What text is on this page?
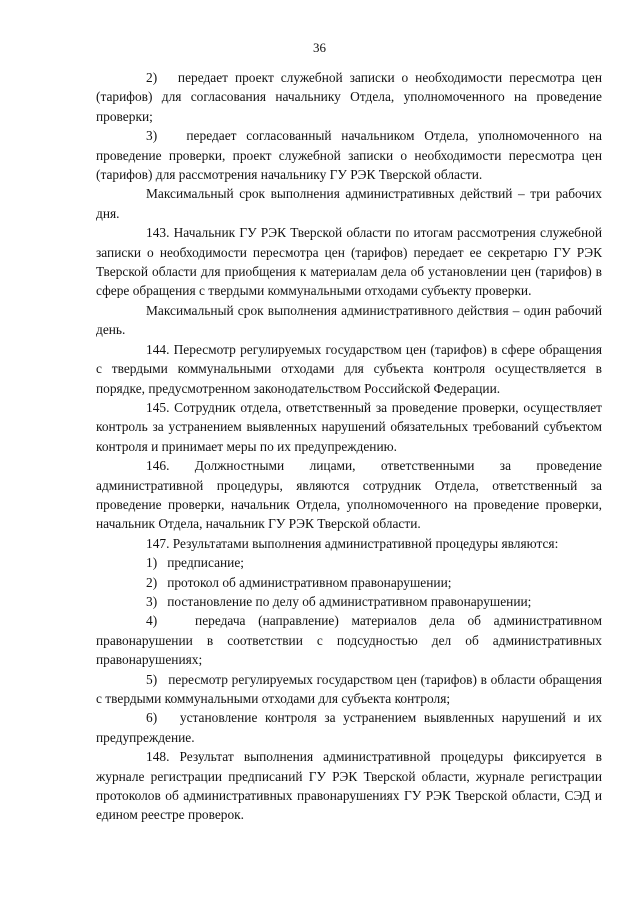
36

2)   передает проект служебной записки о необходимости пересмотра цен (тарифов) для согласования начальнику Отдела, уполномоченного на проведение проверки;

3)   передает согласованный начальником Отдела, уполномоченного на проведение проверки, проект служебной записки о необходимости пересмотра цен (тарифов) для рассмотрения начальнику ГУ РЭК Тверской области.

Максимальный срок выполнения административных действий – три рабочих дня.

143. Начальник ГУ РЭК Тверской области по итогам рассмотрения служебной записки о необходимости пересмотра цен (тарифов) передает ее секретарю ГУ РЭК Тверской области для приобщения к материалам дела об установлении цен (тарифов) в сфере обращения с твердыми коммунальными отходами субъекту проверки.

Максимальный срок выполнения административного действия – один рабочий день.

144. Пересмотр регулируемых государством цен (тарифов) в сфере обращения с твердыми коммунальными отходами для субъекта контроля осуществляется в порядке, предусмотренном законодательством Российской Федерации.

145. Сотрудник отдела, ответственный за проведение проверки, осуществляет контроль за устранением выявленных нарушений обязательных требований субъектом контроля и принимает меры по их предупреждению.

146. Должностными лицами, ответственными за проведение административной процедуры, являются сотрудник Отдела, ответственный за проведение проверки, начальник Отдела, уполномоченного на проведение проверки, начальник Отдела, начальник ГУ РЭК Тверской области.

147. Результатами выполнения административной процедуры являются:

1)   предписание;

2)   протокол об административном правонарушении;

3)   постановление по делу об административном правонарушении;

4)   передача (направление) материалов дела об административном правонарушении в соответствии с подсудностью дел об административных правонарушениях;

5)   пересмотр регулируемых государством цен (тарифов) в области обращения с твердыми коммунальными отходами для субъекта контроля;

6)   установление контроля за устранением выявленных нарушений и их предупреждение.

148. Результат выполнения административной процедуры фиксируется в журнале регистрации предписаний ГУ РЭК Тверской области, журнале регистрации протоколов об административных правонарушениях ГУ РЭК Тверской области, СЭД и едином реестре проверок.
